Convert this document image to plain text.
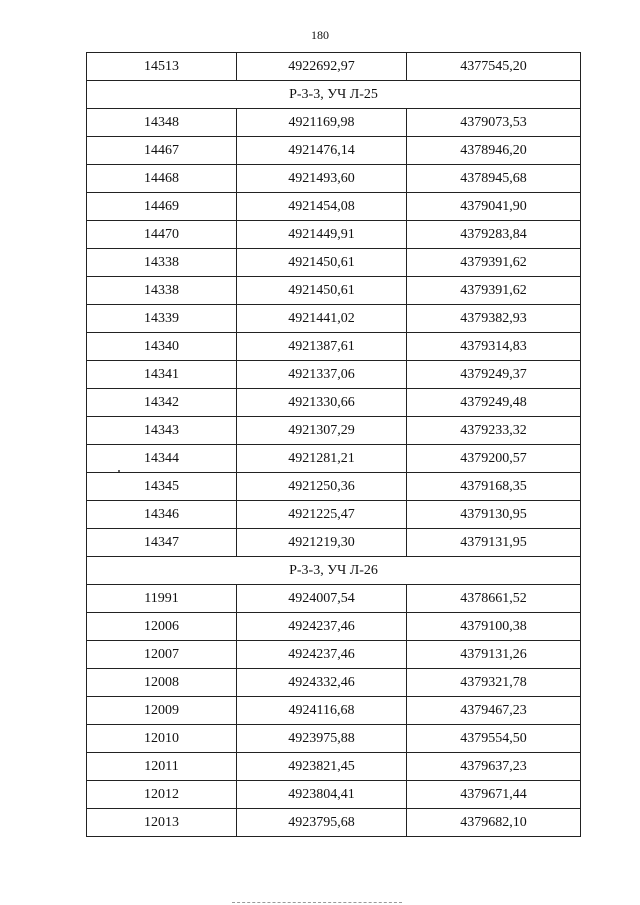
180
14513	4922692,97	4377545,20
Р-3-3, УЧ Л-25		
14348	4921169,98	4379073,53
14467	4921476,14	4378946,20
14468	4921493,60	4378945,68
14469	4921454,08	4379041,90
14470	4921449,91	4379283,84
14338	4921450,61	4379391,62
14338	4921450,61	4379391,62
14339	4921441,02	4379382,93
14340	4921387,61	4379314,83
14341	4921337,06	4379249,37
14342	4921330,66	4379249,48
14343	4921307,29	4379233,32
14344	4921281,21	4379200,57
14345	4921250,36	4379168,35
14346	4921225,47	4379130,95
14347	4921219,30	4379131,95
Р-3-3, УЧ Л-26		
11991	4924007,54	4378661,52
12006	4924237,46	4379100,38
12007	4924237,46	4379131,26
12008	4924332,46	4379321,78
12009	4924116,68	4379467,23
12010	4923975,88	4379554,50
12011	4923821,45	4379637,23
12012	4923804,41	4379671,44
12013	4923795,68	4379682,10
